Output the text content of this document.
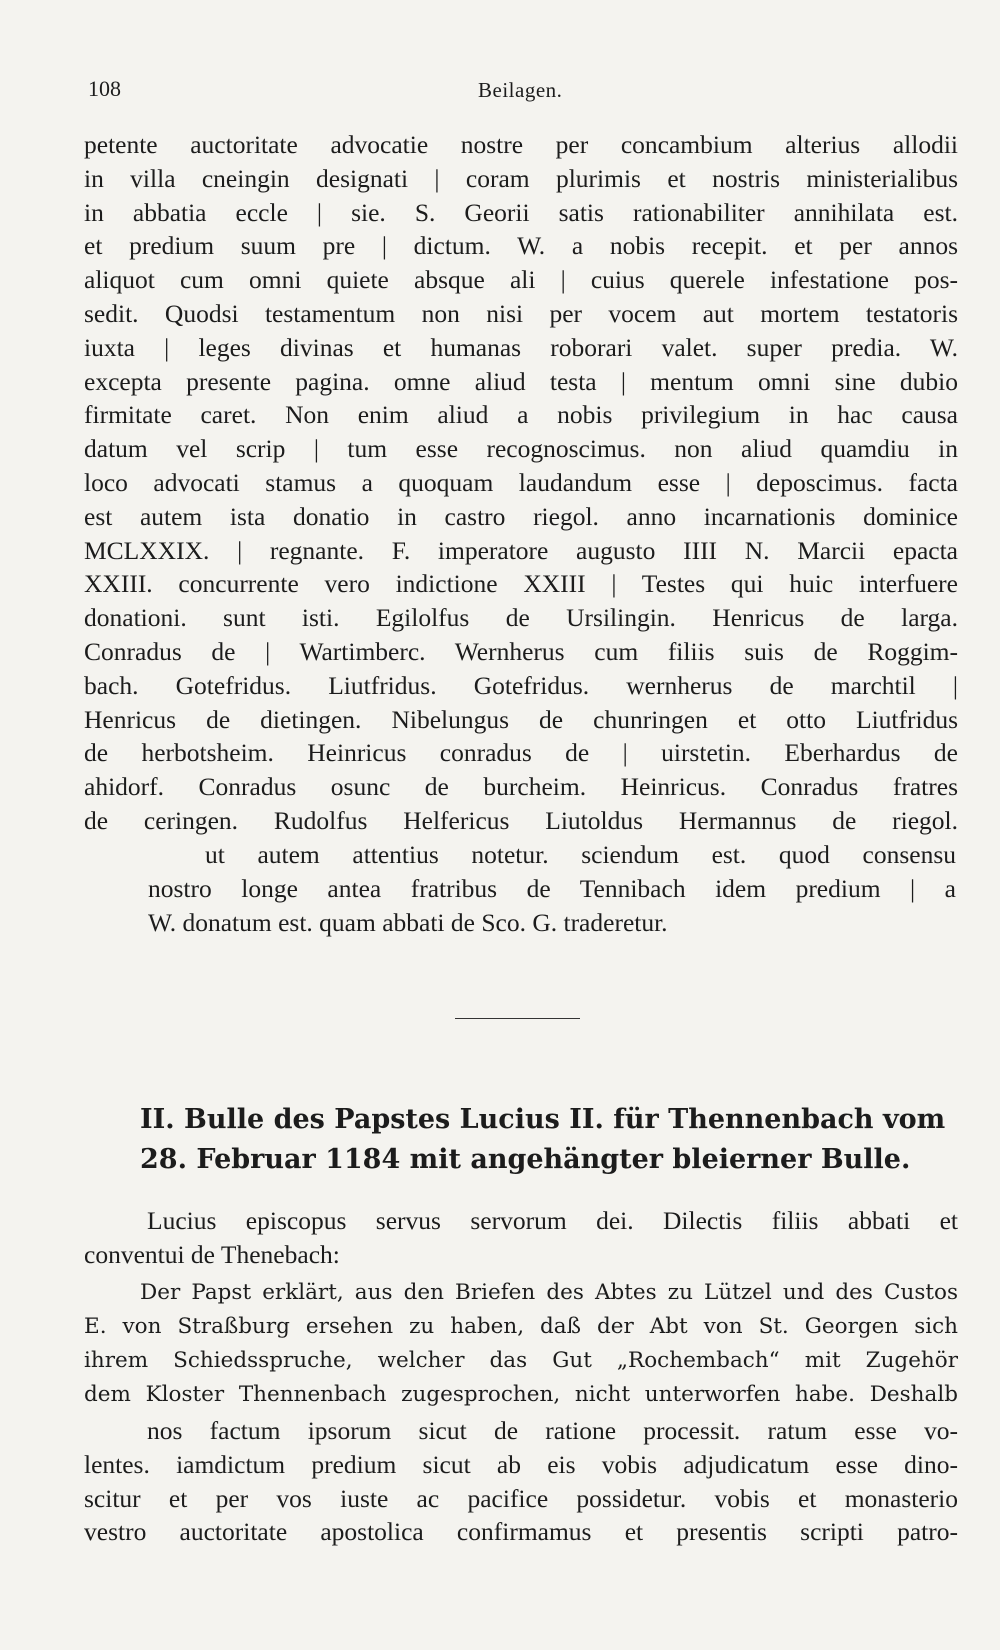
108	Beilagen.
petente auctoritate advocatie nostre per concambium alterius allodii
in villa cneingin designati | coram plurimis et nostris ministerialibus
in abbatia eccle | sie. S. Georii satis rationabiliter annihilata est.
et predium suum pre | dictum. W. a nobis recepit. et per annos
aliquot cum omni quiete absque ali | cuius querele infestatione pos-
sedit. Quodsi testamentum non nisi per vocem aut mortem testatoris
iuxta | leges divinas et humanas roborari valet. super predia. W.
excepta presente pagina. omne aliud testa | mentum omni sine dubio
firmitate caret. Non enim aliud a nobis privilegium in hac causa
datum vel scrip | tum esse recognoscimus. non aliud quamdiu in
loco advocati stamus a quoquam laudandum esse | deposcimus. facta
est autem ista donatio in castro riegol. anno incarnationis dominice
MCLXXIX. | regnante. F. imperatore augusto IIII N. Marcii epacta
XXIII. concurrente vero indictione XXIII | Testes qui huic interfuere
donationi. sunt isti. Egilolfus de Ursilingin. Henricus de larga.
Conradus de | Wartimberc. Wernherus cum filiis suis de Roggim-
bach. Gotefridus. Liutfridus. Gotefridus. wernherus de marchtil |
Henricus de dietingen. Nibelungus de chunringen et otto Liutfridus
de herbotsheim. Heinricus conradus de | uirstetin. Eberhardus de
ahidorf. Conradus osunc de burcheim. Heinricus. Conradus fratres
de ceringen. Rudolfus Helfericus Liutoldus Hermannus de riegol.
ut autem attentius notetur. sciendum est. quod consensu
nostro longe antea fratribus de Tennibach idem predium | a
W. donatum est. quam abbati de Sco. G. traderetur.
II. Bulle des Papstes Lucius II. für Thennenbach vom
28. Februar 1184 mit angehängter bleierner Bulle.
Lucius episcopus servus servorum dei. Dilectis filiis abbati et
conventui de Thenebach:
Der Papst erklärt, aus den Briefen des Abtes zu Lützel und des Custos
E. von Straßburg ersehen zu haben, daß der Abt von St. Georgen sich
ihrem Schiedsspruche, welcher das Gut „Rochembach“ mit Zugehör
dem Kloster Thennenbach zugesprochen, nicht unterworfen habe. Deshalb
nos factum ipsorum sicut de ratione processit. ratum esse vo-
lentes. iamdictum predium sicut ab eis vobis adjudicatum esse dino-
scitur et per vos iuste ac pacifice possidetur. vobis et monasterio
vestro auctoritate apostolica confirmamus et presentis scripti patro-
